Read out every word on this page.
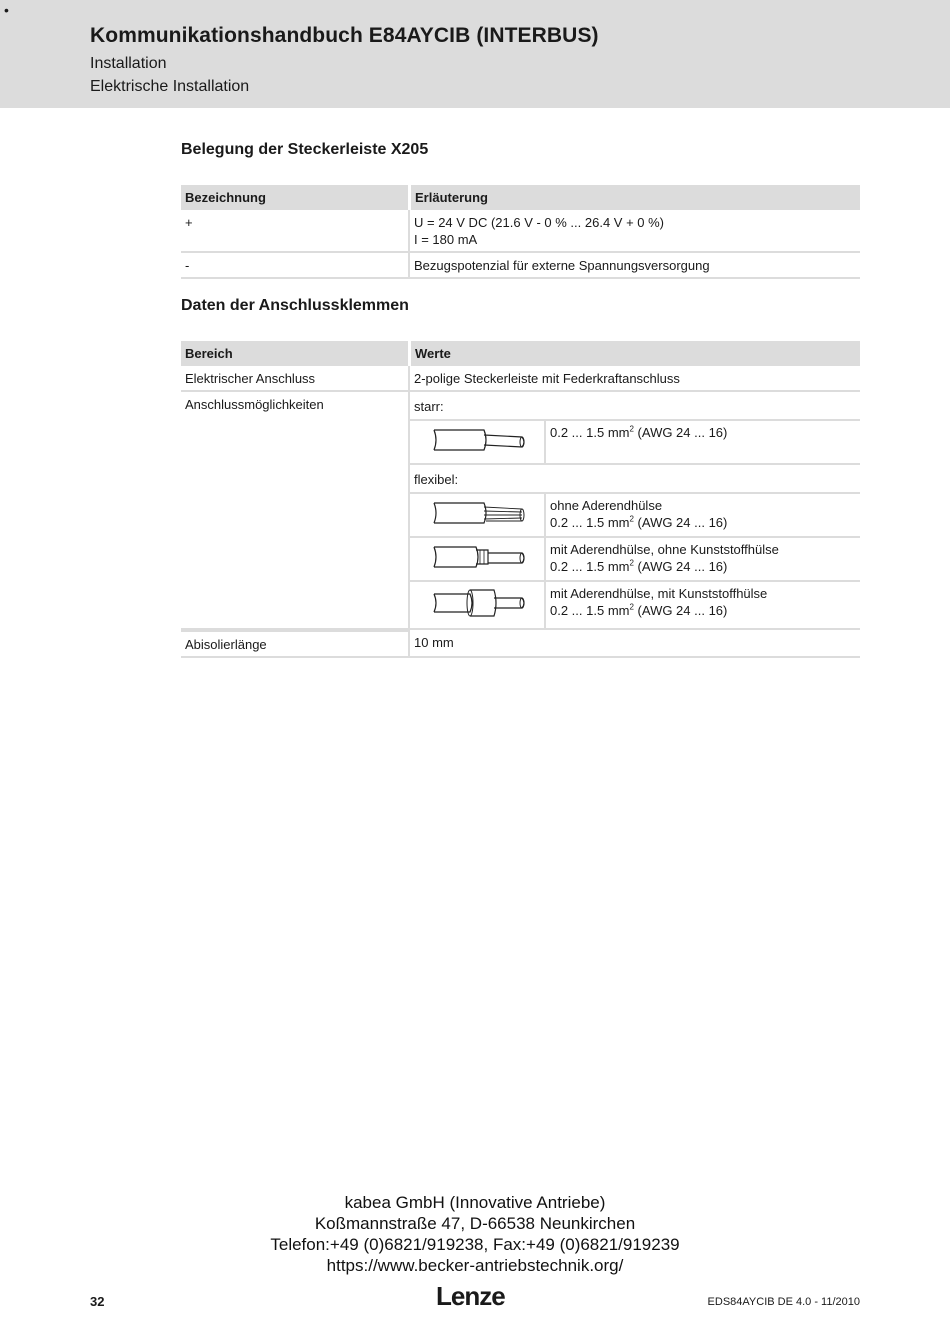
•
Kommunikationshandbuch E84AYCIB (INTERBUS)
Installation
Elektrische Installation
Belegung der Steckerleiste X205
Bezeichnung	Erläuterung
+	U = 24 V DC (21.6 V - 0 % ... 26.4 V + 0 %)
I = 180 mA

-	Bezugspotenzial für externe Spannungsversorgung
Daten der Anschlussklemmen
Bereich	Werte
Elektrischer Anschluss	2-polige Steckerleiste mit Federkraftanschluss
Anschlussmöglichkeiten		starr:
	0.2 ... 1.5 $mm^2$ (AWG 24 ... 16)
flexibel:

ohne Aderendhülse
0.2 ... 1.5 $mm^2$ (AWG 24 ... 16)

mit Aderendhülse, ohne Kunststoffhülse
0.2 ... 1.5 $mm^2$ (AWG 24 ... 16)

mit Aderendhülse, mit Kunststoffhülse
0.2 ... 1.5 $mm^2$ (AWG 24 ... 16)

Abisolierlänge	10 mm
kabea GmbH (Innovative Antriebe)
Koßmannstraße 47, D-66538 Neunkirchen
Telefon:+49 (0)6821/919238, Fax:+49 (0)6821/919239
https://www.becker-antriebstechnik.org/
32	Lenze	EDS84AYCIB DE 4.0 - 11/2010
